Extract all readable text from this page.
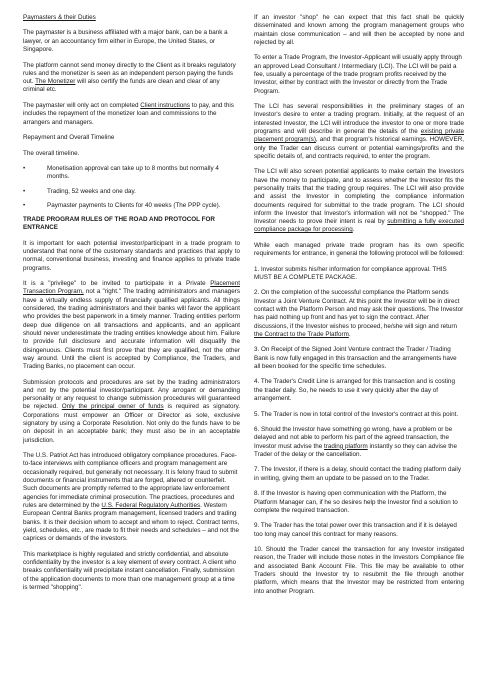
Paymasters & their Duties

The paymaster is a business affiliated with a major bank, can be a bank a lawyer, or an accountancy firm either in Europe, the United States, or Singapore.

The platform cannot send money directly to the Client as it breaks regulatory rules and the monetizer is seen as an independent person paying the funds out. The Monetizer will also certify the funds are clean and clear of any criminal etc.

The paymaster will only act on completed Client instructions to pay, and this includes the repayment of the monetizer loan and commissions to the arrangers and managers.

Repayment and Overall Timeline

The overall timeline.

•	Monetisation approval can take up to 8 months but normally 4 months.
•	Trading, 52 weeks and one day.
•	Paymaster payments to Clients for 40 weeks (The PPP cycle).
TRADE PROGRAM RULES OF THE ROAD AND PROTOCOL FOR ENTRANCE

It is important for each potential investor/participant in a trade program to understand that none of the customary standards and practices that apply to normal, conventional business, investing and finance applies to private trade programs.

It is a "privilege" to be invited to participate in a Private Placement Transaction Program, not a "right." The trading administrators and managers have a virtually endless supply of financially qualified applicants. All things considered, the trading administrators and their banks will favor the applicant who provides the best paperwork in a timely manner. Trading entities perform deep due diligence on all transactions and applicants, and an applicant should never underestimate the trading entities knowledge about him. Failure to provide full disclosure and accurate information will disqualify the disingenuous. Clients must first prove that they are qualified, not the other way around. Until the client is accepted by Compliance, the Traders, and Trading Banks, no placement can occur.

Submission protocols and procedures are set by the trading administrators and not by the potential investor/participant. Any arrogant or demanding personality or any request to change submission procedures will guaranteed be rejected. Only the principal owner of funds is required as signatory. Corporations must empower an Officer or Director as sole, exclusive signatory by using a Corporate Resolution. Not only do the funds have to be on deposit in an acceptable bank; they must also be in an acceptable jurisdiction.

The U.S. Patriot Act has introduced obligatory compliance procedures. Face-to-face interviews with compliance officers and program management are occasionally required, but generally not necessary. It is felony fraud to submit documents or financial instruments that are forged, altered or counterfeit. Such documents are promptly referred to the appropriate law enforcement agencies for immediate criminal prosecution. The practices, procedures and rules are determined by the U.S. Federal Regulatory Authorities. Western European Central Banks program management, licensed traders and trading banks. It is their decision whom to accept and whom to reject. Contract terms, yield, schedules, etc., are made to fit their needs and schedules – and not the caprices or demands of the investors.

This marketplace is highly regulated and strictly confidential, and absolute confidentiality by the investor is a key element of every contract. A client who breaks confidentiality will precipitate instant cancellation. Finally, submission of the application documents to more than one management group at a time is termed "shopping".

If an investor "shop" he can expect that this fact shall be quickly disseminated and known among the program management groups who maintain close communication – and will then be accepted by none and rejected by all.

To enter a Trade Program, the Investor-Applicant will usually apply through an approved Lead Consultant / Intermediary (LCI). The LCI will be paid a fee, usually a percentage of the trade program profits received by the Investor, either by contract with the Investor or directly from the Trade Program.

The LCI has several responsibilities in the preliminary stages of an Investor's desire to enter a trading program. Initially, at the request of an interested Investor, the LCI will introduce the investor to one or more trade programs and will describe in general the details of the existing private placement program(s), and that program's historical earnings. HOWEVER, only the Trader can discuss current or potential earnings/profits and the specific details of, and contracts required, to enter the program.

The LCI will also screen potential applicants to make certain the Investors have the money to participate, and to assess whether the Investor fits the personality traits that the trading group requires. The LCI will also provide and assist the Investor in completing the compliance information documents required for submittal to the trade program. The LCI should inform the Investor that Investor's information will not be "shopped." The Investor needs to prove their intent is real by submitting a fully executed compliance package for processing.

While each managed private trade program has its own specific requirements for entrance, in general the following protocol will be followed:

1. Investor submits his/her information for compliance approval. THIS MUST BE A COMPLETE PACKAGE.

2. On the completion of the successful compliance the Platform sends Investor a Joint Venture Contract. At this point the Investor will be in direct contact with the Platform Person and may ask their questions. The Investor has paid nothing up front and has yet to sign the contract. After discussions, if the Investor wishes to proceed, he/she will sign and return the Contract to the Trade Platform.

3. On Receipt of the Signed Joint Venture contract the Trader / Trading Bank is now fully engaged in this transaction and the arrangements have all been booked for the specific time schedules.

4. The Trader's Credit Line is arranged for this transaction and is costing the trader daily. So, he needs to use it very quickly after the day of arrangement.

5. The Trader is now in total control of the Investor's contract at this point.

6. Should the Investor have something go wrong, have a problem or be delayed and not able to perform his part of the agreed transaction, the Investor must advise the trading platform instantly so they can advise the Trader of the delay or the cancellation.

7. The Investor, if there is a delay, should contact the trading platform daily in writing, giving them an update to be passed on to the Trader.

8. If the Investor is having open communication with the Platform, the Platform Manager can, if he so desires help the Investor find a solution to complete the required transaction.

9. The Trader has the total power over this transaction and if it is delayed too long may cancel this contract for many reasons.

10. Should the Trader cancel the transaction for any Investor instigated reason, the Trader will include those notes in the Investors Compliance file and associated Bank Account File. This file may be available to other Traders should the Investor try to resubmit the file through another platform, which means that the Investor may be restricted from entering into another Program.
